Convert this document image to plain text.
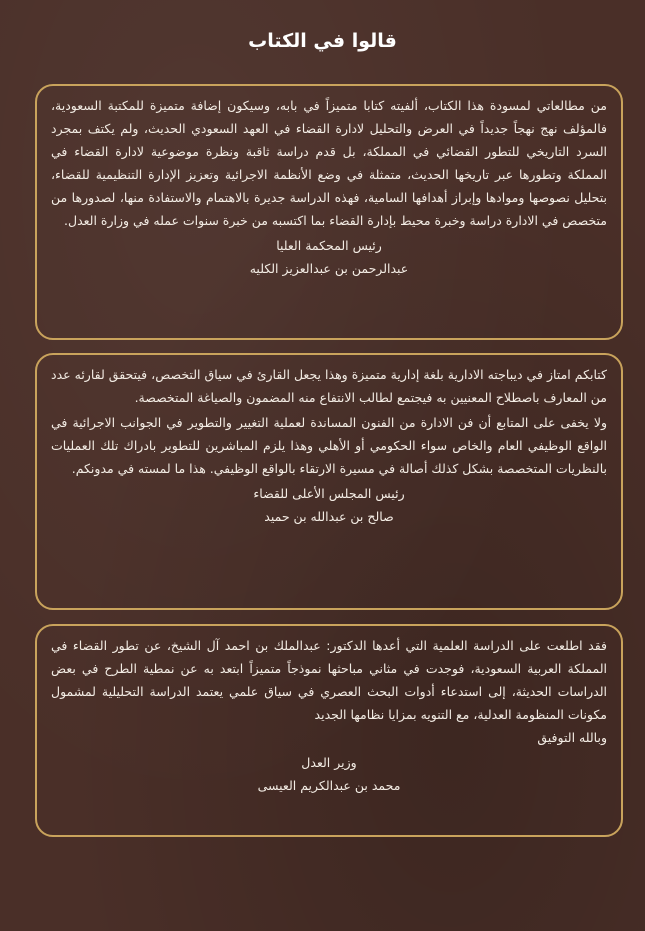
قالوا في الكتاب

من مطالعاتي لمسودة هذا الكتاب، ألفيته كتابا متميزاً في بابه، وسيكون إضافة متميزة للمكتبة السعودية، فالمؤلف نهج نهجاً جديداً في العرض والتحليل لادارة القضاء في العهد السعودي الحديث، ولم يكتف بمجرد السرد التاريخي للتطور القضائي في المملكة، بل قدم دراسة ثاقبة ونظرة موضوعية لادارة القضاء في المملكة وتطورها عبر تاريخها الحديث، متمثلة في وضع الأنظمة الاجرائية وتعزيز الإدارة التنظيمية للقضاء، بتحليل نصوصها وموادها وإبراز أهدافها السامية، فهذه الدراسة جديرة بالاهتمام والاستفادة منها، لصدورها من متخصص في الادارة دراسة وخبرة محيط بإدارة القضاء بما اكتسبه من خبرة سنوات عمله في وزارة العدل.

رئيس المحكمة العليا

عبدالرحمن بن عبدالعزيز الكليه

كتابكم امتاز في ديباجته الادارية بلغة إدارية متميزة وهذا يجعل القارئ في سياق التخصص، فيتحقق لقارئه عدد من المعارف باصطلاح المعنيين به فيجتمع لطالب الانتفاع منه المضمون والصياغة المتخصصة.

ولا يخفى على المتابع أن فن الادارة من الفنون المساندة لعملية التغيير والتطوير في الجوانب الاجرائية في الواقع الوظيفي العام والخاص سواء الحكومي أو الأهلي وهذا يلزم المباشرين للتطوير بادراك تلك العمليات بالنظريات المتخصصة بشكل كذلك أصالة في مسيرة الارتقاء بالواقع الوظيفي. هذا ما لمسته في مدونكم.

رئيس المجلس الأعلى للقضاء

صالح بن عبدالله بن حميد

فقد اطلعت على الدراسة العلمية التي أعدها الدكتور: عبدالملك بن احمد آل الشيخ، عن تطور القضاء في المملكة العربية السعودية، فوجدت في مثاني مباحثها نموذجاً متميزاً ابتعد به عن نمطية الطرح في بعض الدراسات الحديثة، إلى استدعاء أدوات البحث العصري في سياق علمي يعتمد الدراسة التحليلية لمشمول مكونات المنظومة العدلية، مع التنويه بمزايا نظامها الجديد

وبالله التوفيق

وزير العدل

محمد بن عبدالكريم العيسى
